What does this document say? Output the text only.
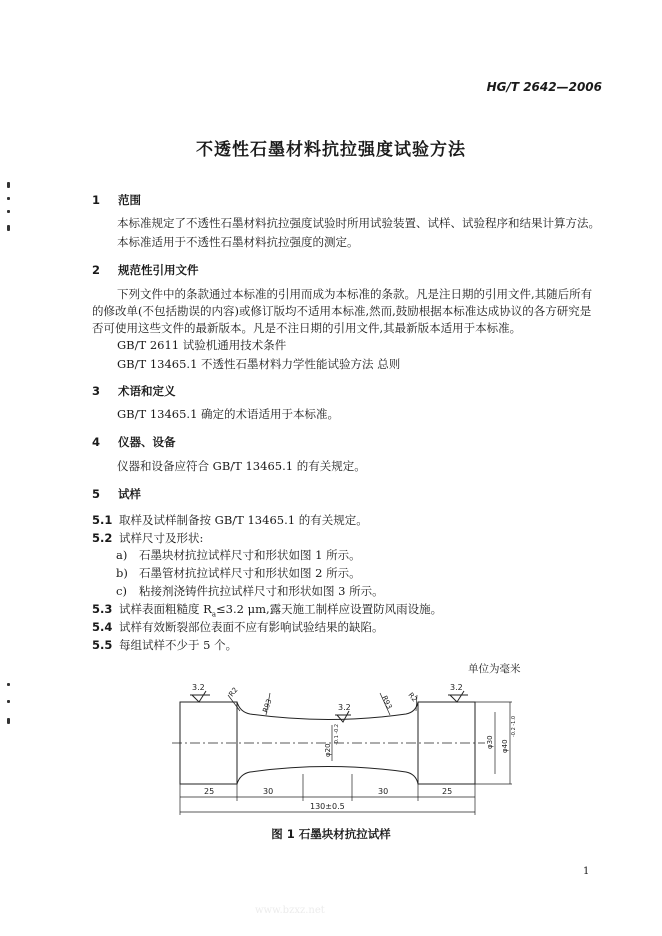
HG/T 2642—2006
不透性石墨材料抗拉强度试验方法
1 范围
本标准规定了不透性石墨材料抗拉强度试验时所用试验装置、试样、试验程序和结果计算方法。
本标准适用于不透性石墨材料抗拉强度的测定。
2 规范性引用文件
下列文件中的条款通过本标准的引用而成为本标准的条款。凡是注日期的引用文件,其随后所有
的修改单(不包括勘误的内容)或修订版均不适用本标准,然而,鼓励根据本标准达成协议的各方研究是
否可使用这些文件的最新版本。凡是不注日期的引用文件,其最新版本适用于本标准。
GB/T 2611 试验机通用技术条件
GB/T 13465.1 不透性石墨材料力学性能试验方法 总则
3 术语和定义
GB/T 13465.1 确定的术语适用于本标准。
4 仪器、设备
仪器和设备应符合 GB/T 13465.1 的有关规定。
5 试样
5.1 取样及试样制备按 GB/T 13465.1 的有关规定。
5.2 试样尺寸及形状:
a) 石墨块材抗拉试样尺寸和形状如图 1 所示。
b) 石墨管材抗拉试样尺寸和形状如图 2 所示。
c) 粘接剂浇铸件抗拉试样尺寸和形状如图 3 所示。
5.3 试样表面粗糙度 $R_a\le 3.2$ μm,露天施工制样应设置防风雨设施。
5.4 试样有效断裂部位表面不应有影响试验结果的缺陷。
5.5 每组试样不少于 5 个。
单位为毫米
3.2
3.2
3.2
R2
R93	R93 R2
25	30	30	25
130±0.5
φ20
-0.1 -0.2	φ30 φ40
-0.2 -1.0
图 1 石墨块材抗拉试样
1
www.bzxz.net
